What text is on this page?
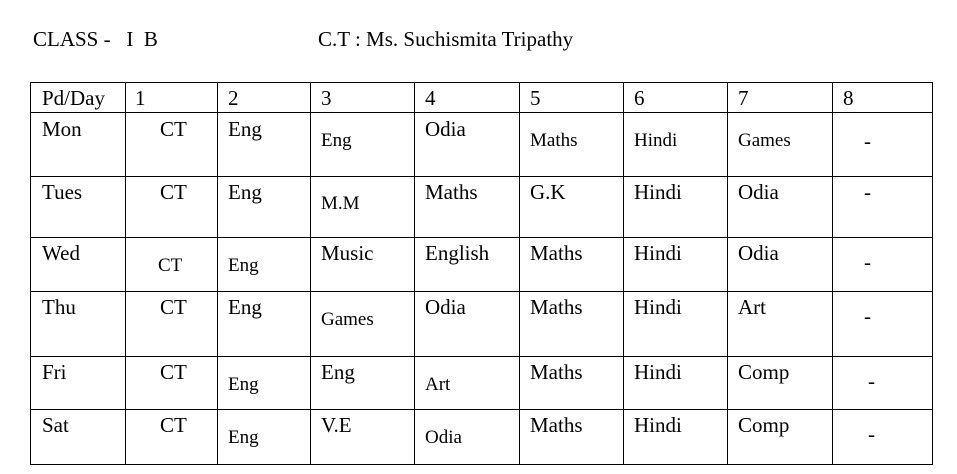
CLASS -   I  B	C.T : Ms. Suchismita Tripathy
Pd/Day	1	2	3	4	5	6	7	8

Mon	CT	Eng	Eng	Odia	Maths	Hindi	Games	-

Tues	CT	Eng	M.M	Maths	G.K	Hindi	Odia	-

Wed	CT	Eng	Music	English	Maths	Hindi	Odia	-

Thu	CT	Eng	Games	Odia	Maths	Hindi	Art	-

Fri	CT	Eng	Eng	Art	Maths	Hindi	Comp	-

Sat	CT	Eng	V.E	Odia	Maths	Hindi	Comp	-
